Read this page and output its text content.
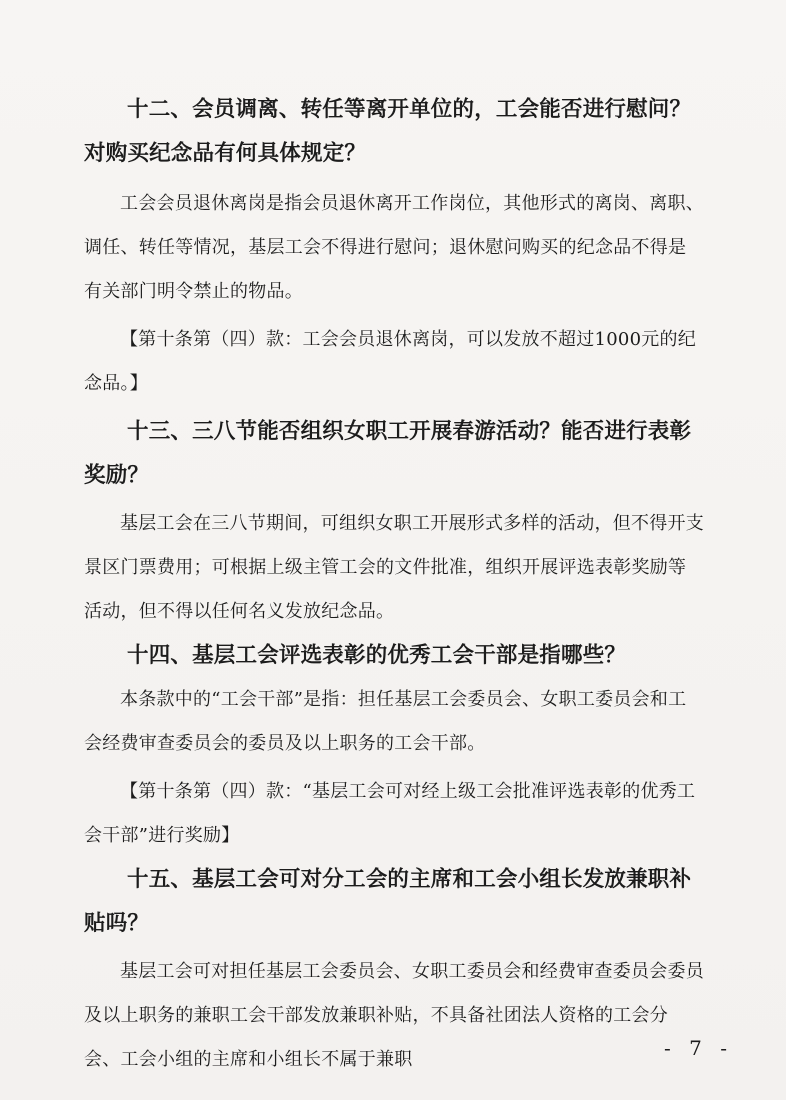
十二、会员调离、转任等离开单位的，工会能否进行慰问？对购买纪念品有何具体规定？

工会会员退休离岗是指会员退休离开工作岗位，其他形式的离岗、离职、调任、转任等情况，基层工会不得进行慰问；退休慰问购买的纪念品不得是有关部门明令禁止的物品。

【第十条第（四）款：工会会员退休离岗，可以发放不超过1000元的纪念品。】

十三、三八节能否组织女职工开展春游活动？能否进行表彰奖励？

基层工会在三八节期间，可组织女职工开展形式多样的活动，但不得开支景区门票费用；可根据上级主管工会的文件批准，组织开展评选表彰奖励等活动，但不得以任何名义发放纪念品。

十四、基层工会评选表彰的优秀工会干部是指哪些？

本条款中的“工会干部”是指：担任基层工会委员会、女职工委员会和工会经费审查委员会的委员及以上职务的工会干部。

【第十条第（四）款：“基层工会可对经上级工会批准评选表彰的优秀工会干部”进行奖励】

十五、基层工会可对分工会的主席和工会小组长发放兼职补贴吗？

基层工会可对担任基层工会委员会、女职工委员会和经费审查委员会委员及以上职务的兼职工会干部发放兼职补贴，不具备社团法人资格的工会分会、工会小组的主席和小组长不属于兼职	- 7 -
